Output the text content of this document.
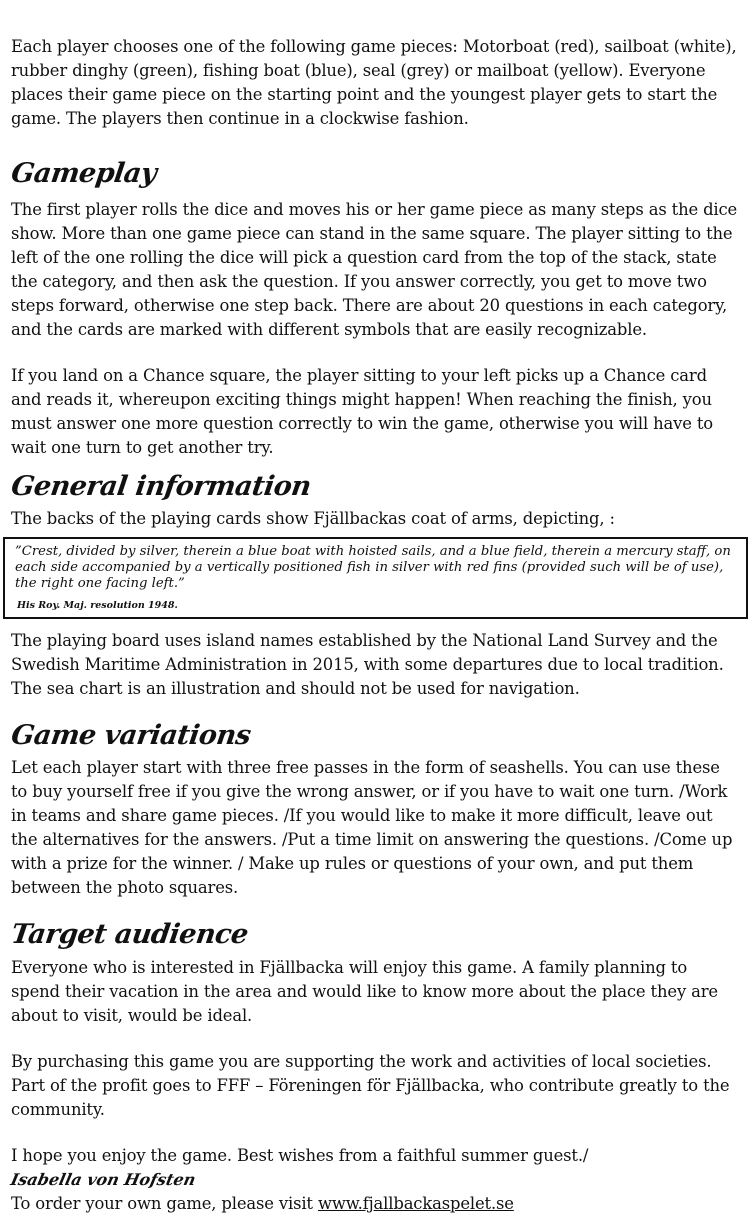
Each player chooses one of the following game pieces: Motorboat (red), sailboat (white), rubber dinghy (green), fishing boat (blue), seal (grey) or mailboat (yellow). Everyone places their game piece on the starting point and the youngest player gets to start the game. The players then continue in a clockwise fashion.

Gameplay

The first player rolls the dice and moves his or her game piece as many steps as the dice show. More than one game piece can stand in the same square. The player sitting to the left of the one rolling the dice will pick a question card from the top of the stack, state the category, and then ask the question. If you answer correctly, you get to move two steps forward, otherwise one step back. There are about 20 questions in each category, and the cards are marked with different symbols that are easily recognizable.

If you land on a Chance square, the player sitting to your left picks up a Chance card and reads it, whereupon exciting things might happen! When reaching the finish, you must answer one more question correctly to win the game, otherwise you will have to wait one turn to get another try.

General information

The backs of the playing cards show Fjällbackas coat of arms, depicting, :

”Crest, divided by silver, therein a blue boat with hoisted sails, and a blue field, therein a mercury staff, on each side accompanied by a vertically positioned fish in silver with red fins (provided such will be of use), the right one facing left.”
His Roy. Maj. resolution 1948.

The playing board uses island names established by the National Land Survey and the Swedish Maritime Administration in 2015, with some departures due to local tradition. The sea chart is an illustration and should not be used for navigation.

Game variations

Let each player start with three free passes in the form of seashells. You can use these to buy yourself free if you give the wrong answer, or if you have to wait one turn. /Work in teams and share game pieces. /If you would like to make it more difficult, leave out the alternatives for the answers. /Put a time limit on answering the questions. /Come up with a prize for the winner. / Make up rules or questions of your own, and put them between the photo squares.

Target audience

Everyone who is interested in Fjällbacka will enjoy this game. A family planning to spend their vacation in the area and would like to know more about the place they are about to visit, would be ideal.

By purchasing this game you are supporting the work and activities of local societies. Part of the profit goes to FFF – Föreningen för Fjällbacka, who contribute greatly to the community.

I hope you enjoy the game. Best wishes from a faithful summer guest./ Isabella von Hofsten

To order your own game, please visit www.fjallbackaspelet.se
